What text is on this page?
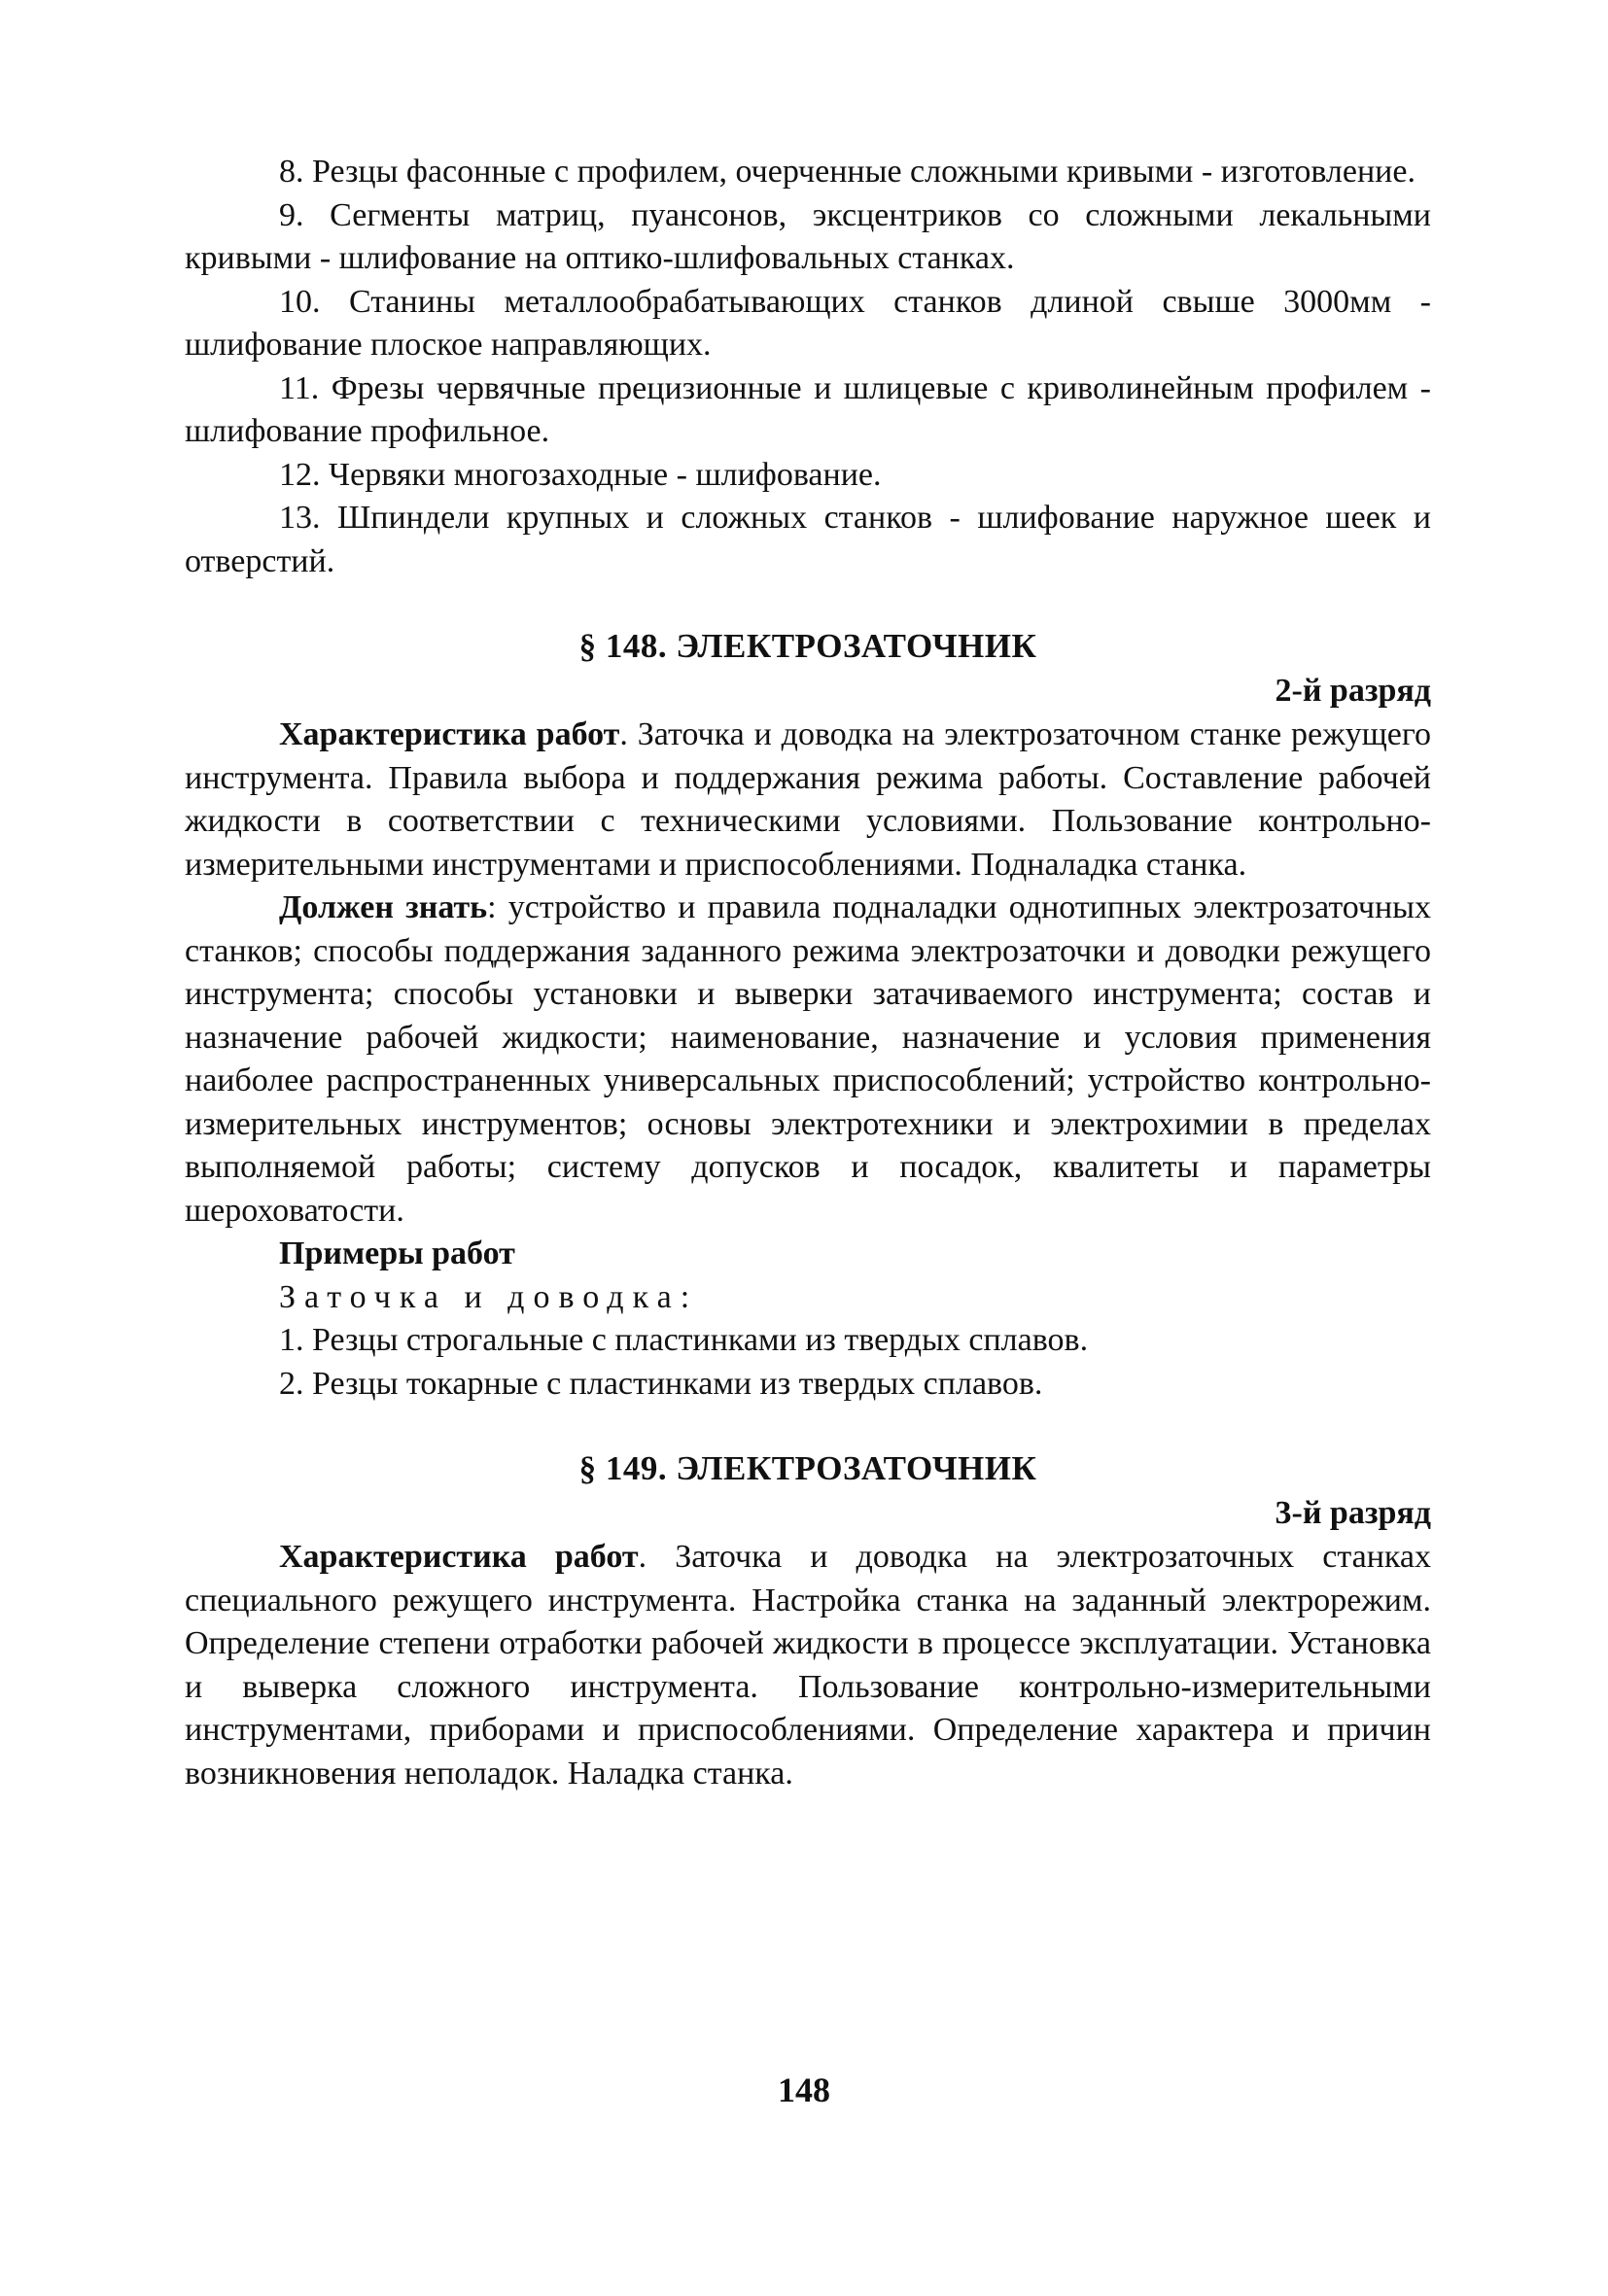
8. Резцы фасонные с профилем, очерченные сложными кривыми - изготовление.

9. Сегменты матриц, пуансонов, эксцентриков со сложными лекальными кривыми - шлифование на оптико-шлифовальных станках.

10. Станины металлообрабатывающих станков длиной свыше 3000мм - шлифование плоское направляющих.

11. Фрезы червячные прецизионные и шлицевые с криволинейным профилем - шлифование профильное.

12. Червяки многозаходные - шлифование.

13. Шпиндели крупных и сложных станков - шлифование наружное шеек и отверстий.

§ 148. ЭЛЕКТРОЗАТОЧНИК

2-й разряд

Характеристика работ. Заточка и доводка на электрозаточном станке режущего инструмента. Правила выбора и поддержания режима работы. Составление рабочей жидкости в соответствии с техническими условиями. Пользование контрольно-измерительными инструментами и приспособлениями. Подналадка станка.

Должен знать: устройство и правила подналадки однотипных электрозаточных станков; способы поддержания заданного режима электрозаточки и доводки режущего инструмента; способы установки и выверки затачиваемого инструмента; состав и назначение рабочей жидкости; наименование, назначение и условия применения наиболее распространенных универсальных приспособлений; устройство контрольно-измерительных инструментов; основы электротехники и электрохимии в пределах выполняемой работы; систему допусков и посадок, квалитеты и параметры шероховатости.

Примеры работ

Заточка и доводка:

1. Резцы строгальные с пластинками из твердых сплавов.

2. Резцы токарные с пластинками из твердых сплавов.

§ 149. ЭЛЕКТРОЗАТОЧНИК

3-й разряд

Характеристика работ. Заточка и доводка на электрозаточных станках специального режущего инструмента. Настройка станка на заданный электрорежим. Определение степени отработки рабочей жидкости в процессе эксплуатации. Установка и выверка сложного инструмента. Пользование контрольно-измерительными инструментами, приборами и приспособлениями. Определение характера и причин возникновения неполадок. Наладка станка.

148
